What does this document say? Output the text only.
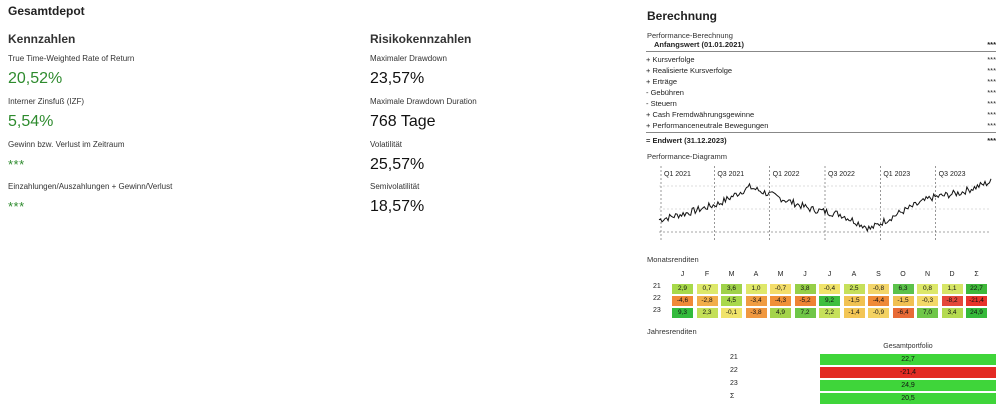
Gesamtdepot
Kennzahlen
True Time-Weighted Rate of Return
20,52%
Interner Zinsfuß (IZF)
5,54%
Gewinn bzw. Verlust im Zeitraum
***
Einzahlungen/Auszahlungen + Gewinn/Verlust
***
Risikokennzahlen
Maximaler Drawdown
23,57%
Maximale Drawdown Duration
768 Tage
Volatilität
25,57%
Semivolatilität
18,57%
Berechnung
Performance-Berechnung
Anfangswert (01.01.2021)	***
+ Kursverfolge	***
+ Realisierte Kursverfolge	***
+ Erträge	***
- Gebühren	***
- Steuern	***
+ Cash Fremdwährungsgewinne	***
+ Performanceneutrale Bewegungen	***
= Endwert (31.12.2023)	***
Performance-Diagramm
Q1 2021	Q3 2021	Q1 2022	Q3 2022	Q1 2023	Q3 2023
Monatsrenditen
J	F	M	A	M	J	J	A	S	O	N	D	Σ
21	2,9	0,7	3,6	1,0	-0,7	3,8	-0,4	2,5	-0,8	6,3	0,8	1,1	22,7
22	-4,6	-2,8	4,5	-3,4	-4,3	-5,2	9,2	-1,5	-4,4	-1,5	-0,3	-8,2	-21,4
23	9,3	2,3	-0,1	-3,8	4,9	7,2	2,2	-1,4	-0,9	-6,4	7,0	3,4	24,9
Jahresrenditen
Gesamtportfolio
21	22,7
22	-21,4
23	24,9
Σ	20,5
